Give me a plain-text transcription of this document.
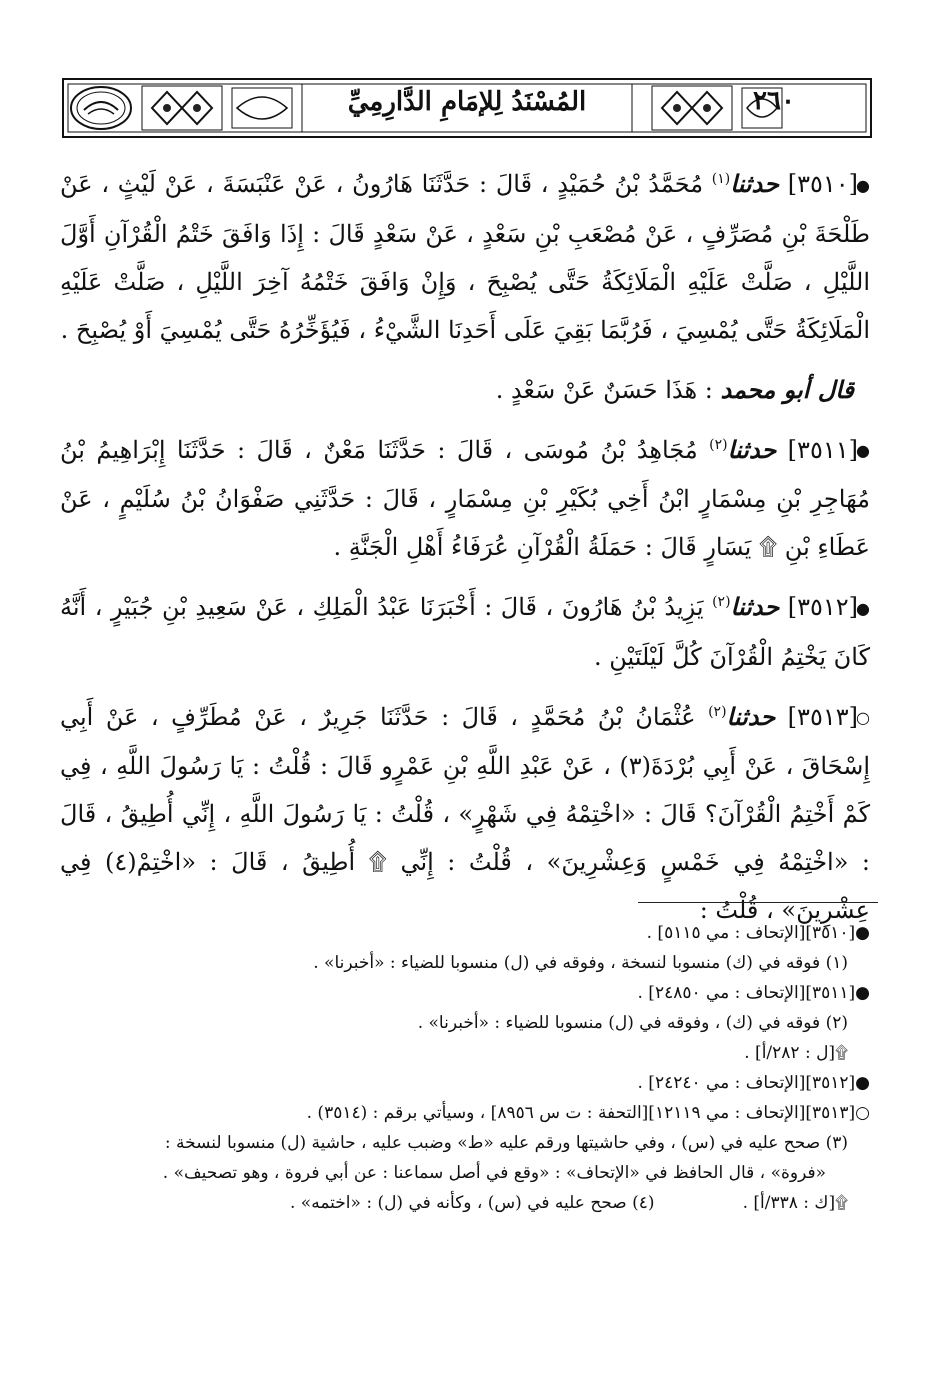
المُسْنَدُ لِلإمَامِ الدَّارِمِيِّ	٢٦٠

●[٣٥١٠] حدثنا$^{(١)}$ مُحَمَّدُ بْنُ حُمَيْدٍ ، قَالَ : حَدَّثَنَا هَارُونُ ، عَنْ عَنْبَسَةَ ، عَنْ لَيْثٍ ، عَنْ طَلْحَةَ بْنِ مُصَرِّفٍ ، عَنْ مُصْعَبِ بْنِ سَعْدٍ ، عَنْ سَعْدٍ قَالَ : إِذَا وَافَقَ خَتْمُ الْقُرْآنِ أَوَّلَ اللَّيْلِ ، صَلَّتْ عَلَيْهِ الْمَلَائِكَةُ حَتَّى يُصْبِحَ ، وَإِنْ وَافَقَ خَتْمُهُ آخِرَ اللَّيْلِ ، صَلَّتْ عَلَيْهِ الْمَلَائِكَةُ حَتَّى يُمْسِيَ ، فَرُبَّمَا بَقِيَ عَلَى أَحَدِنَا الشَّيْءُ ، فَيُؤَخِّرُهُ حَتَّى يُمْسِيَ أَوْ يُصْبِحَ .

قال أبو محمد : هَذَا حَسَنٌ عَنْ سَعْدٍ .

●[٣٥١١] حدثنا$^{(٢)}$ مُجَاهِدُ بْنُ مُوسَى ، قَالَ : حَدَّثَنَا مَعْنٌ ، قَالَ : حَدَّثَنَا إِبْرَاهِيمُ بْنُ مُهَاجِرِ بْنِ مِسْمَارٍ ابْنُ أَخِي بُكَيْرِ بْنِ مِسْمَارٍ ، قَالَ : حَدَّثَنِي صَفْوَانُ بْنُ سُلَيْمٍ ، عَنْ عَطَاءِ بْنِ ۩ يَسَارٍ قَالَ : حَمَلَةُ الْقُرْآنِ عُرَفَاءُ أَهْلِ الْجَنَّةِ .

●[٣٥١٢] حدثنا$^{(٢)}$ يَزِيدُ بْنُ هَارُونَ ، قَالَ : أَخْبَرَنَا عَبْدُ الْمَلِكِ ، عَنْ سَعِيدِ بْنِ جُبَيْرٍ ، أَنَّهُ كَانَ يَخْتِمُ الْقُرْآنَ كُلَّ لَيْلَتَيْنِ .

○[٣٥١٣] حدثنا$^{(٢)}$ عُثْمَانُ بْنُ مُحَمَّدٍ ، قَالَ : حَدَّثَنَا جَرِيرٌ ، عَنْ مُطَرِّفٍ ، عَنْ أَبِي إِسْحَاقَ ، عَنْ أَبِي بُرْدَةَ(٣) ، عَنْ عَبْدِ اللَّهِ بْنِ عَمْرٍو قَالَ : قُلْتُ : يَا رَسُولَ اللَّهِ ، فِي كَمْ أَخْتِمُ الْقُرْآنَ؟ قَالَ : «اخْتِمْهُ فِي شَهْرٍ» ، قُلْتُ : يَا رَسُولَ اللَّهِ ، إِنِّي أُطِيقُ ، قَالَ : «اخْتِمْهُ فِي خَمْسٍ وَعِشْرِينَ» ، قُلْتُ : إِنِّي ۩ أُطِيقُ ، قَالَ : «اخْتِمْ(٤) فِي عِشْرِينَ» ، قُلْتُ :

●[٣٥١٠][الإتحاف : مي ٥١١٥] .

(١) فوقه في (ك) منسوبا لنسخة ، وفوقه في (ل) منسوبا للضياء : «أخبرنا» .

●[٣٥١١][الإتحاف : مي ٢٤٨٥٠] .

(٢) فوقه في (ك) ، وفوقه في (ل) منسوبا للضياء : «أخبرنا» .

۩[ل : ٢٨٢/أ] .

●[٣٥١٢][الإتحاف : مي ٢٤٢٤٠] .

○[٣٥١٣][الإتحاف : مي ١٢١١٩][التحفة : ت س ٨٩٥٦] ، وسيأتي برقم : (٣٥١٤) .

(٣) صحح عليه في (س) ، وفي حاشيتها ورقم عليه «ط» وضبب عليه ، حاشية (ل) منسوبا لنسخة :

«فروة» ، قال الحافظ في «الإتحاف» : «وقع في أصل سماعنا : عن أبي فروة ، وهو تصحيف» .

۩[ك : ٣٣٨/أ] .
(٤) صحح عليه في (س) ، وكأنه في (ل) : «اختمه» .
